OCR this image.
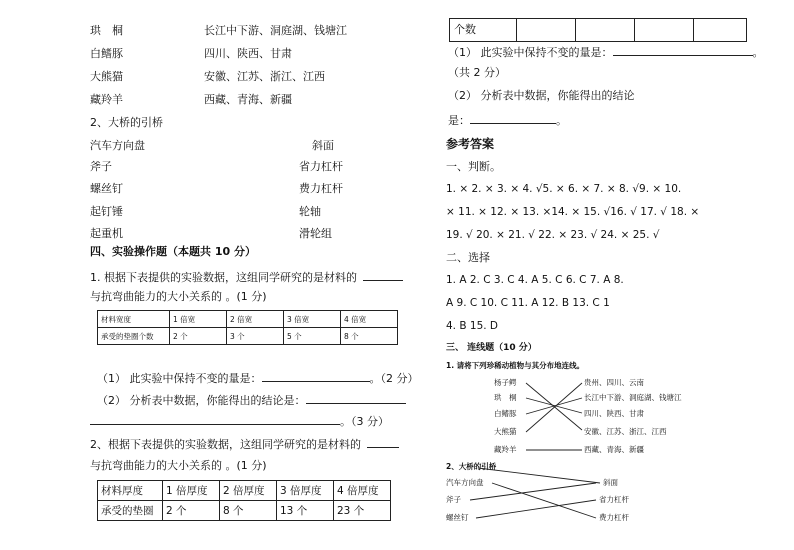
珙　桐	长江中下游、洞庭湖、钱塘江
白鳍豚	四川、陕西、甘肃
大熊猫	安徽、江苏、浙江、江西
藏羚羊	西藏、青海、新疆
2、大桥的引桥
汽车方向盘	斜面
斧子	省力杠杆
螺丝钉	费力杠杆
起钉锤	轮轴
起重机	滑轮组
四、实验操作题（本题共 10 分）
1. 根据下表提供的实验数据，这组同学研究的是材料的
与抗弯曲能力的大小关系的 。(1 分)
材料宽度	1 倍宽	2 倍宽	3 倍宽	4 倍宽
承受的垫圈个数	2 个	3 个	5 个	8 个
（1） 此实验中保持不变的量是：	。（2 分）
（2） 分析表中数据，你能得出的结论是：
。（3 分）
2、根据下表提供的实验数据，这组同学研究的是材料的
与抗弯曲能力的大小关系的 。(1 分)
材料厚度	1 倍厚度	2 倍厚度	3 倍厚度	4 倍厚度
承受的垫圈	2 个	8 个	13 个	23 个
个数
（1） 此实验中保持不变的量是：	。
（共 2 分）
（2） 分析表中数据，你能得出的结论
是：	。
参考答案
一、判断。
1. × 2. × 3. × 4. √5. × 6. × 7. × 8. √9. × 10.
× 11. × 12. × 13. ×14. × 15. √16. √ 17. √ 18. ×
19. √ 20. × 21. √ 22. × 23. √ 24. × 25. √
二、选择
1. A 2. C 3. C 4. A 5. C 6. C 7. A 8.
A 9. C 10. C 11. A 12. B 13. C 1
4. B 15. D
三、 连线题（10 分）
1. 请将下列珍稀动植物与其分布地连线。
杨子鳄
珙　桐
白鳍豚
大熊猫
藏羚羊
贵州、四川、云南
长江中下游、洞庭湖、钱塘江
四川、陕西、甘肃
安徽、江苏、浙江、江西
西藏、青海、新疆
2、大桥的引桥
汽车方向盘
斧子
螺丝钉
斜面
省力杠杆
费力杠杆
